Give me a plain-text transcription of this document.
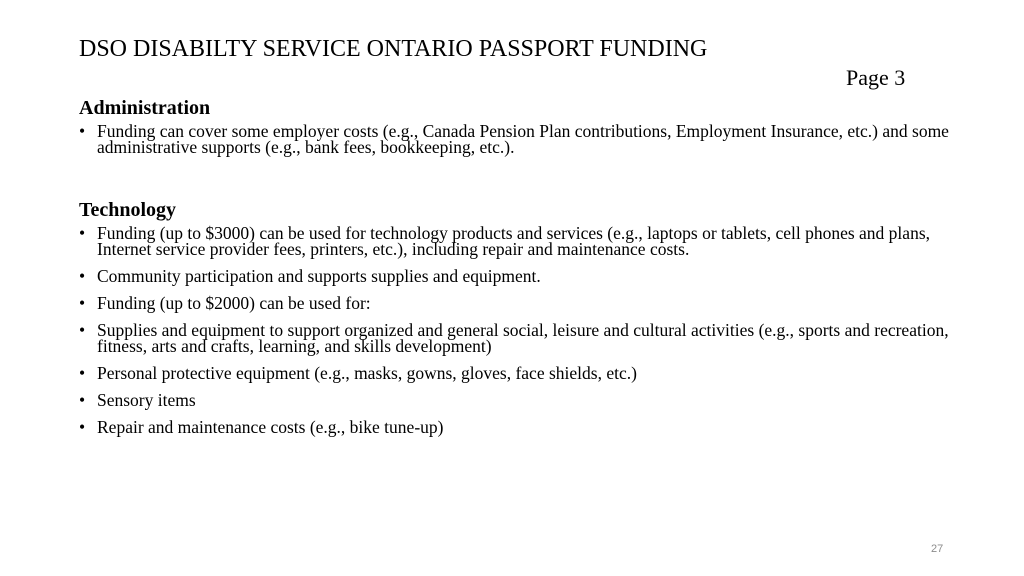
DSO DISABILTY SERVICE ONTARIO PASSPORT FUNDING
Page 3
Administration
• Funding can cover some employer costs (e.g., Canada Pension Plan contributions, Employment Insurance, etc.) and some administrative supports (e.g., bank fees, bookkeeping, etc.).
Technology
• Funding (up to $3000) can be used for technology products and services (e.g., laptops or tablets, cell phones and plans, Internet service provider fees, printers, etc.), including repair and maintenance costs.
• Community participation and supports supplies and equipment.
• Funding (up to $2000) can be used for:
• Supplies and equipment to support organized and general social, leisure and cultural activities (e.g., sports and recreation, fitness, arts and crafts, learning, and skills development)
• Personal protective equipment (e.g., masks, gowns, gloves, face shields, etc.)
• Sensory items
• Repair and maintenance costs (e.g., bike tune-up)
27
